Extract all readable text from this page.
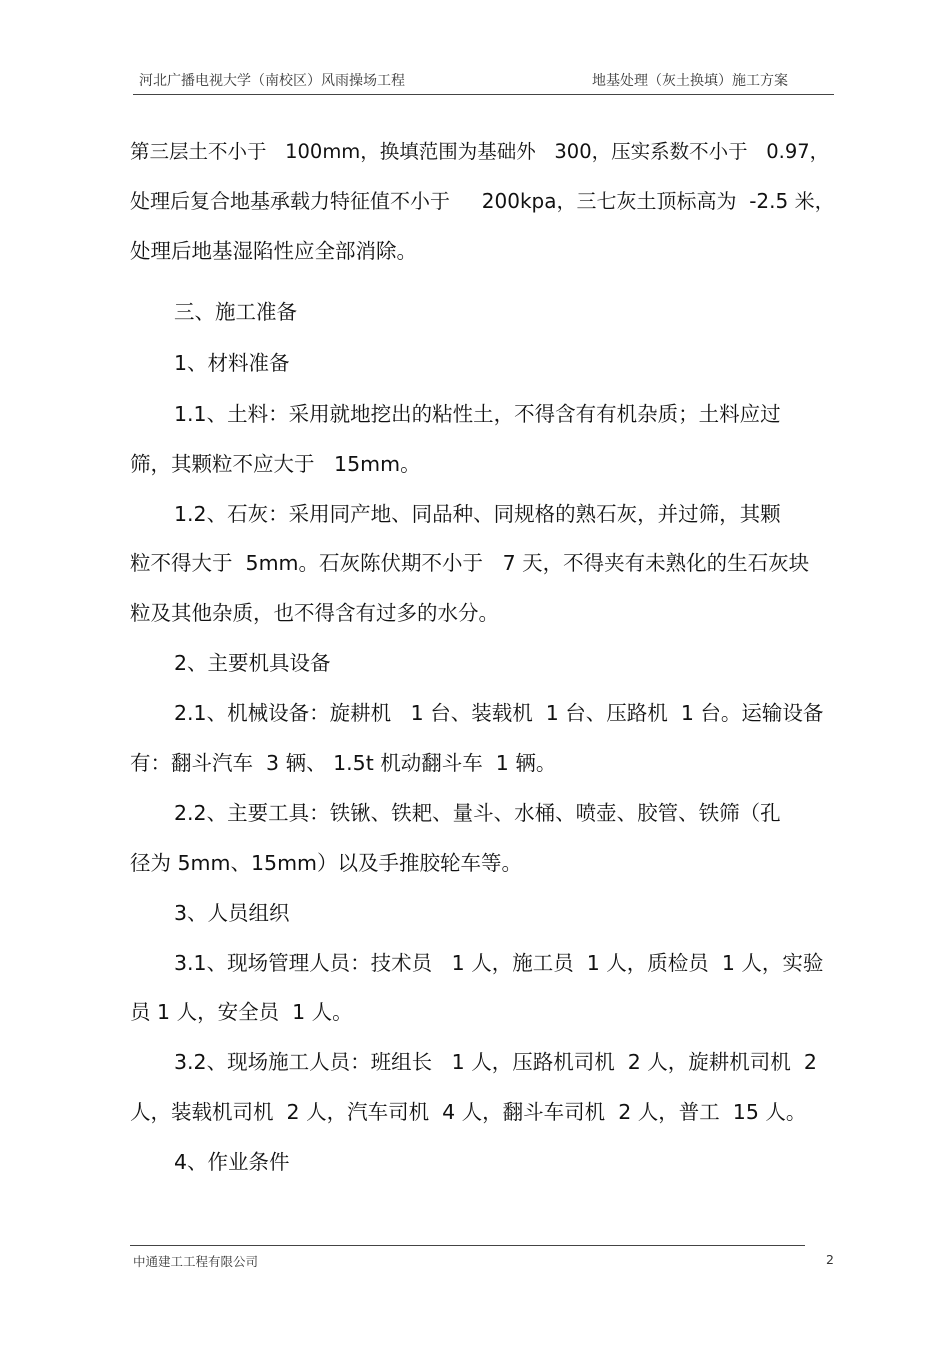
河北广播电视大学（南校区）风雨操场工程	地基处理（灰土换填）施工方案
第三层土不小于   100mm，换填范围为基础外   300，压实系数不小于   0.97，
处理后复合地基承载力特征值不小于     200kpa，三七灰土顶标高为  -2.5 米，
处理后地基湿陷性应全部消除。
三、施工准备
1、材料准备
1.1、土料：采用就地挖出的粘性土，不得含有有机杂质；土料应过
筛，其颗粒不应大于   15mm。
1.2、石灰：采用同产地、同品种、同规格的熟石灰，并过筛，其颗
粒不得大于  5mm。石灰陈伏期不小于   7 天，不得夹有未熟化的生石灰块
粒及其他杂质，也不得含有过多的水分。
2、主要机具设备
2.1、机械设备：旋耕机   1 台、装载机  1 台、压路机  1 台。运输设备
有：翻斗汽车  3 辆、 1.5t 机动翻斗车  1 辆。
2.2、主要工具：铁锹、铁耙、量斗、水桶、喷壶、胶管、铁筛（孔
径为 5mm、15mm）以及手推胶轮车等。
3、人员组织
3.1、现场管理人员：技术员   1 人，施工员  1 人，质检员  1 人，实验
员 1 人，安全员  1 人。
3.2、现场施工人员：班组长   1 人，压路机司机  2 人，旋耕机司机  2
人，装载机司机  2 人，汽车司机  4 人，翻斗车司机  2 人，普工  15 人。
4、作业条件
中通建工工程有限公司	2
